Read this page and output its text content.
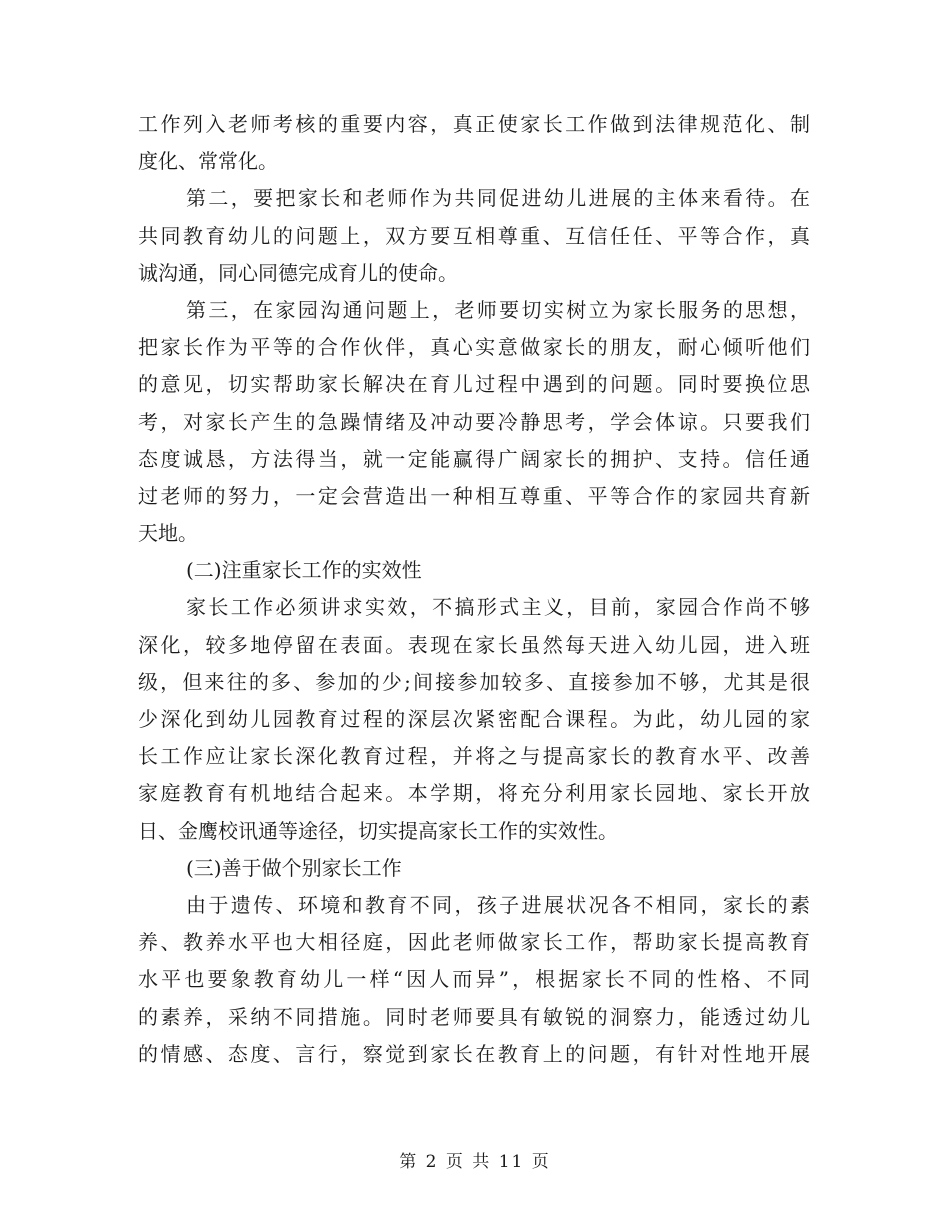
工作列入老师考核的重要内容，真正使家长工作做到法律规范化、制
度化、常常化。
第二，要把家长和老师作为共同促进幼儿进展的主体来看待。在
共同教育幼儿的问题上，双方要互相尊重、互信任任、平等合作，真
诚沟通，同心同德完成育儿的使命。
第三，在家园沟通问题上，老师要切实树立为家长服务的思想，
把家长作为平等的合作伙伴，真心实意做家长的朋友，耐心倾听他们
的意见，切实帮助家长解决在育儿过程中遇到的问题。同时要换位思
考，对家长产生的急躁情绪及冲动要冷静思考，学会体谅。只要我们
态度诚恳，方法得当，就一定能赢得广阔家长的拥护、支持。信任通
过老师的努力，一定会营造出一种相互尊重、平等合作的家园共育新
天地。
(二)注重家长工作的实效性
家长工作必须讲求实效，不搞形式主义，目前，家园合作尚不够
深化，较多地停留在表面。表现在家长虽然每天进入幼儿园，进入班
级，但来往的多、参加的少;间接参加较多、直接参加不够，尤其是很
少深化到幼儿园教育过程的深层次紧密配合课程。为此，幼儿园的家
长工作应让家长深化教育过程，并将之与提高家长的教育水平、改善
家庭教育有机地结合起来。本学期，将充分利用家长园地、家长开放
日、金鹰校讯通等途径，切实提高家长工作的实效性。
(三)善于做个别家长工作
由于遗传、环境和教育不同，孩子进展状况各不相同，家长的素
养、教养水平也大相径庭，因此老师做家长工作，帮助家长提高教育
水平也要象教育幼儿一样“因人而异”，根据家长不同的性格、不同
的素养，采纳不同措施。同时老师要具有敏锐的洞察力，能透过幼儿
的情感、态度、言行，察觉到家长在教育上的问题，有针对性地开展
第 2 页 共 11 页
